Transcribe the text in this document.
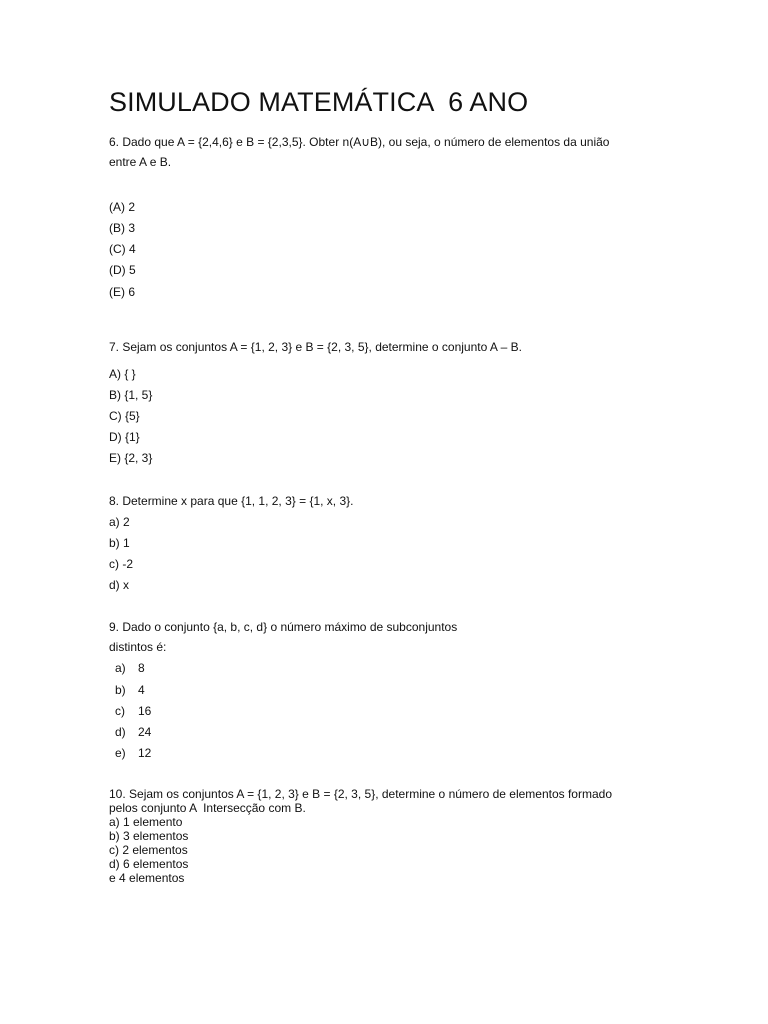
SIMULADO MATEMÁTICA  6 ANO
6. Dado que A = {2,4,6} e B = {2,3,5}. Obter n(A∪B), ou seja, o número de elementos da união
entre A e B.
(A) 2
(B) 3
(C) 4
(D) 5
(E) 6
7. Sejam os conjuntos A = {1, 2, 3} e B = {2, 3, 5}, determine o conjunto A – B.
A) { }
B) {1, 5}
C) {5}
D) {1}
E) {2, 3}
8. Determine x para que {1, 1, 2, 3} = {1, x, 3}.
a) 2
b) 1
c) -2
d) x
9. Dado o conjunto {a, b, c, d} o número máximo de subconjuntos
distintos é:
a) 8
b) 4
c) 16
d) 24
e) 12
10. Sejam os conjuntos A = {1, 2, 3} e B = {2, 3, 5}, determine o número de elementos formado
pelos conjunto A  Intersecção com B.
a) 1 elemento
b) 3 elementos
c) 2 elementos
d) 6 elementos
e 4 elementos
